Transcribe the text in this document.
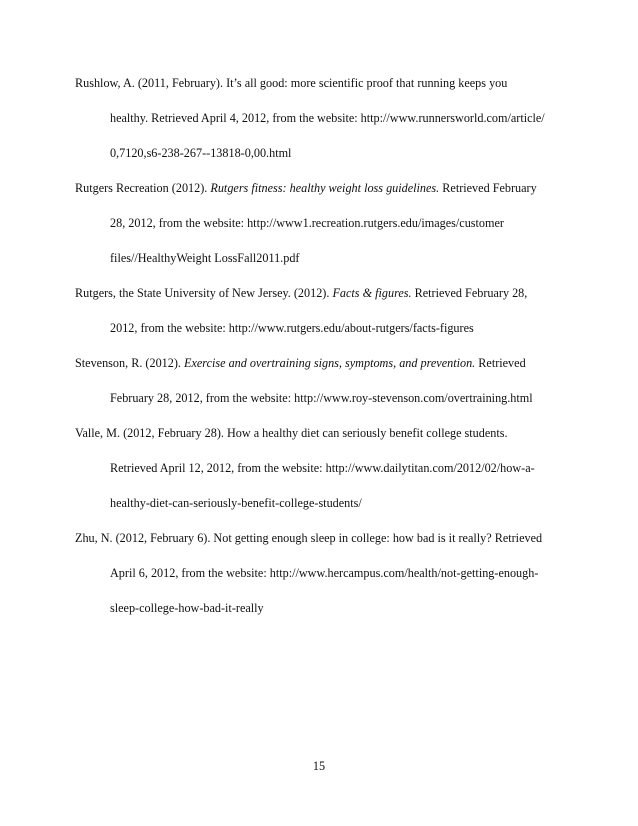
Rushlow, A. (2011, February). It’s all good: more scientific proof that running keeps you
healthy. Retrieved April 4, 2012, from the website: http://www.runnersworld.com/article/
0,7120,s6-238-267--13818-0,00.html
Rutgers Recreation (2012). Rutgers fitness: healthy weight loss guidelines. Retrieved February
28, 2012, from the website: http://www1.recreation.rutgers.edu/images/customer
files//HealthyWeight LossFall2011.pdf
Rutgers, the State University of New Jersey. (2012). Facts & figures. Retrieved February 28,
2012, from the website: http://www.rutgers.edu/about-rutgers/facts-figures
Stevenson, R. (2012). Exercise and overtraining signs, symptoms, and prevention. Retrieved
February 28, 2012, from the website: http://www.roy-stevenson.com/overtraining.html
Valle, M. (2012, February 28). How a healthy diet can seriously benefit college students.
Retrieved April 12, 2012, from the website: http://www.dailytitan.com/2012/02/how-a-
healthy-diet-can-seriously-benefit-college-students/
Zhu, N. (2012, February 6). Not getting enough sleep in college: how bad is it really? Retrieved
April 6, 2012, from the website: http://www.hercampus.com/health/not-getting-enough-
sleep-college-how-bad-it-really
15
